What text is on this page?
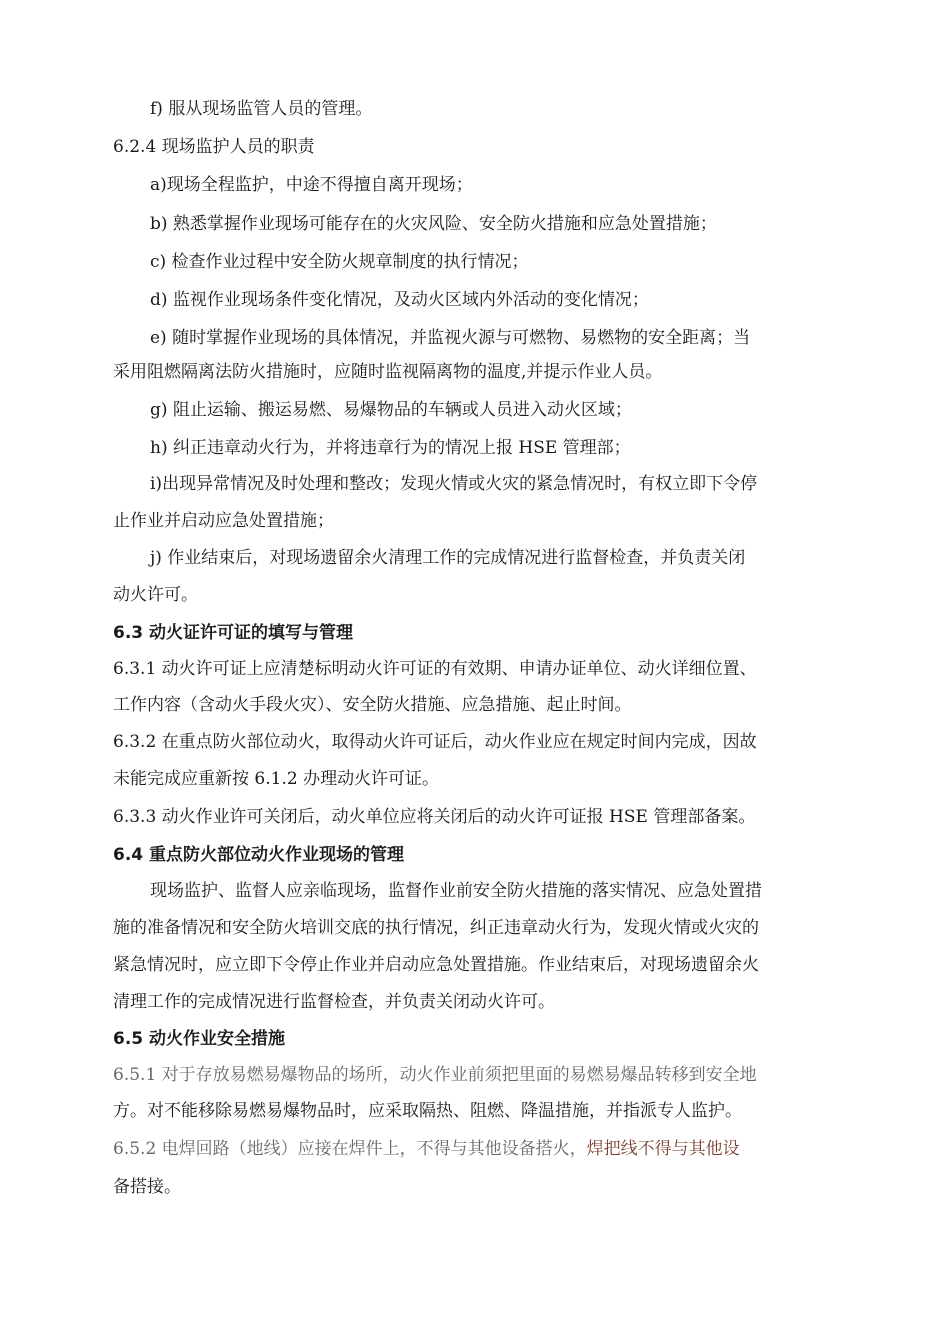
f) 服从现场监管人员的管理。
6.2.4 现场监护人员的职责
a)现场全程监护，中途不得擅自离开现场；
b) 熟悉掌握作业现场可能存在的火灾风险、安全防火措施和应急处置措施；
c) 检查作业过程中安全防火规章制度的执行情况；
d) 监视作业现场条件变化情况，及动火区域内外活动的变化情况；
e) 随时掌握作业现场的具体情况，并监视火源与可燃物、易燃物的安全距离；当
采用阻燃隔离法防火措施时，应随时监视隔离物的温度,并提示作业人员。
g) 阻止运输、搬运易燃、易爆物品的车辆或人员进入动火区域；
h) 纠正违章动火行为，并将违章行为的情况上报 HSE 管理部；
i)出现异常情况及时处理和整改；发现火情或火灾的紧急情况时，有权立即下令停
止作业并启动应急处置措施；
j) 作业结束后，对现场遗留余火清理工作的完成情况进行监督检查，并负责关闭
动火许可。
6.3 动火证许可证的填写与管理
6.3.1 动火许可证上应清楚标明动火许可证的有效期、申请办证单位、动火详细位置、
工作内容（含动火手段火灾）、安全防火措施、应急措施、起止时间。
6.3.2 在重点防火部位动火，取得动火许可证后，动火作业应在规定时间内完成，因故
未能完成应重新按 6.1.2 办理动火许可证。
6.3.3 动火作业许可关闭后，动火单位应将关闭后的动火许可证报 HSE 管理部备案。
6.4 重点防火部位动火作业现场的管理
现场监护、监督人应亲临现场，监督作业前安全防火措施的落实情况、应急处置措
施的准备情况和安全防火培训交底的执行情况，纠正违章动火行为，发现火情或火灾的
紧急情况时，应立即下令停止作业并启动应急处置措施。作业结束后，对现场遗留余火
清理工作的完成情况进行监督检查，并负责关闭动火许可。
6.5 动火作业安全措施
6.5.1 对于存放易燃易爆物品的场所，动火作业前须把里面的易燃易爆品转移到安全地
方。对不能移除易燃易爆物品时，应采取隔热、阻燃、降温措施，并指派专人监护。
6.5.2 电焊回路（地线）应接在焊件上，不得与其他设备搭火，焊把线不得与其他设
备搭接。
